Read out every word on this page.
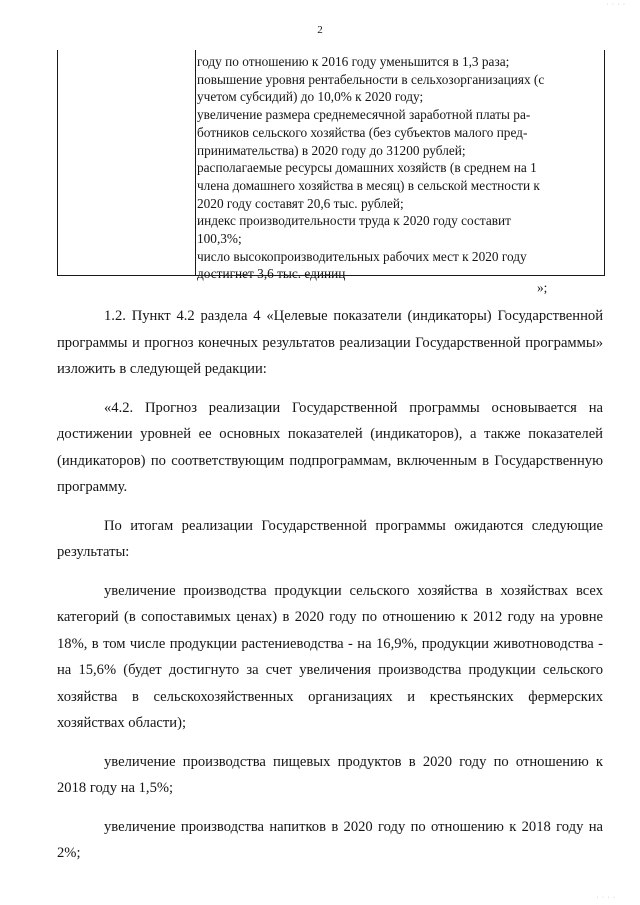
· · · ·
2
году по отношению к 2016 году уменьшится в 1,3 раза;
повышение уровня рентабельности в сельхозорганизациях (с
учетом субсидий) до 10,0% к 2020 году;
увеличение размера среднемесячной заработной платы ра-
ботников сельского хозяйства (без субъектов малого пред-
принимательства) в 2020 году до 31200 рублей;
располагаемые ресурсы домашних хозяйств (в среднем на 1
члена домашнего хозяйства в месяц) в сельской местности к
2020 году составят 20,6 тыс. рублей;
индекс производительности труда к 2020 году составит
100,3%;
число высокопроизводительных рабочих мест к 2020 году
достигнет 3,6 тыс. единиц
»;

1.2. Пункт 4.2 раздела 4 «Целевые показатели (индикаторы) Государственной программы и прогноз конечных результатов реализации Государственной программы» изложить в следующей редакции:

«4.2. Прогноз реализации Государственной программы основывается на достижении уровней ее основных показателей (индикаторов), а также показателей (индикаторов) по соответствующим подпрограммам, включенным в Государственную программу.

По итогам реализации Государственной программы ожидаются следующие результаты:

увеличение производства продукции сельского хозяйства в хозяйствах всех категорий (в сопоставимых ценах) в 2020 году по отношению к 2012 году на уровне 18%, в том числе продукции растениеводства - на 16,9%, продукции животноводства - на 15,6% (будет достигнуто за счет увеличения производства продукции сельского хозяйства в сельскохозяйственных организациях и крестьянских фермерских хозяйствах области);

увеличение производства пищевых продуктов в 2020 году по отношению к 2018 году на 1,5%;

увеличение производства напитков в 2020 году по отношению к 2018 году на 2%;

· · · ·
